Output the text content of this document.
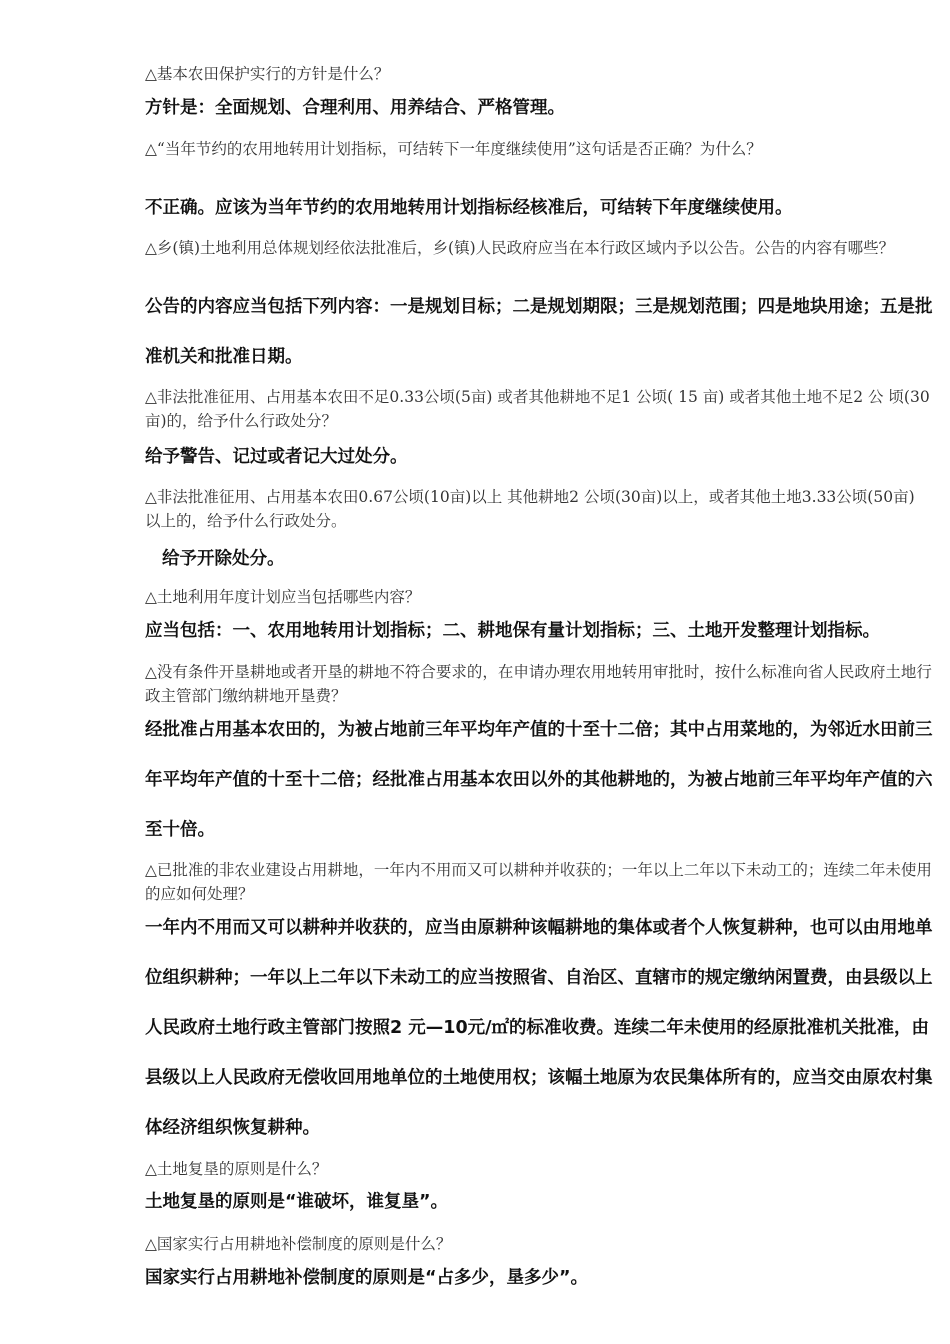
△基本农田保护实行的方针是什么？

方针是：全面规划、合理利用、用养结合、严格管理。

△“当年节约的农用地转用计划指标，可结转下一年度继续使用”这句话是否正确？为什么？

不正确。应该为当年节约的农用地转用计划指标经核准后，可结转下年度继续使用。

△乡(镇)土地利用总体规划经依法批准后，乡(镇)人民政府应当在本行政区域内予以公告。公告的内容有哪些？

公告的内容应当包括下列内容：一是规划目标；二是规划期限；三是规划范围；四是地块用途；五是批准机关和批准日期。

△非法批准征用、占用基本农田不足0.33公顷(5亩) 或者其他耕地不足1 公顷( 15 亩) 或者其他土地不足2 公 顷(30亩)的，给予什么行政处分？

给予警告、记过或者记大过处分。

△非法批准征用、占用基本农田0.67公顷(10亩)以上 其他耕地2 公顷(30亩)以上，或者其他土地3.33公顷(50亩) 以上的，给予什么行政处分。

给予开除处分。

△土地利用年度计划应当包括哪些内容？

应当包括：一、农用地转用计划指标；二、耕地保有量计划指标；三、土地开发整理计划指标。

△没有条件开垦耕地或者开垦的耕地不符合要求的，在申请办理农用地转用审批时，按什么标准向省人民政府土地行政主管部门缴纳耕地开垦费？

经批准占用基本农田的，为被占地前三年平均年产值的十至十二倍；其中占用菜地的，为邻近水田前三年平均年产值的十至十二倍；经批准占用基本农田以外的其他耕地的，为被占地前三年平均年产值的六至十倍。

△已批准的非农业建设占用耕地，一年内不用而又可以耕种并收获的；一年以上二年以下未动工的；连续二年未使用的应如何处理？

一年内不用而又可以耕种并收获的，应当由原耕种该幅耕地的集体或者个人恢复耕种，也可以由用地单位组织耕种；一年以上二年以下未动工的应当按照省、自治区、直辖市的规定缴纳闲置费，由县级以上人民政府土地行政主管部门按照2 元—10元/㎡的标准收费。连续二年未使用的经原批准机关批准，由县级以上人民政府无偿收回用地单位的土地使用权；该幅土地原为农民集体所有的，应当交由原农村集体经济组织恢复耕种。

△土地复垦的原则是什么？

土地复垦的原则是“谁破坏，谁复垦”。

△国家实行占用耕地补偿制度的原则是什么？

国家实行占用耕地补偿制度的原则是“占多少，垦多少”。
